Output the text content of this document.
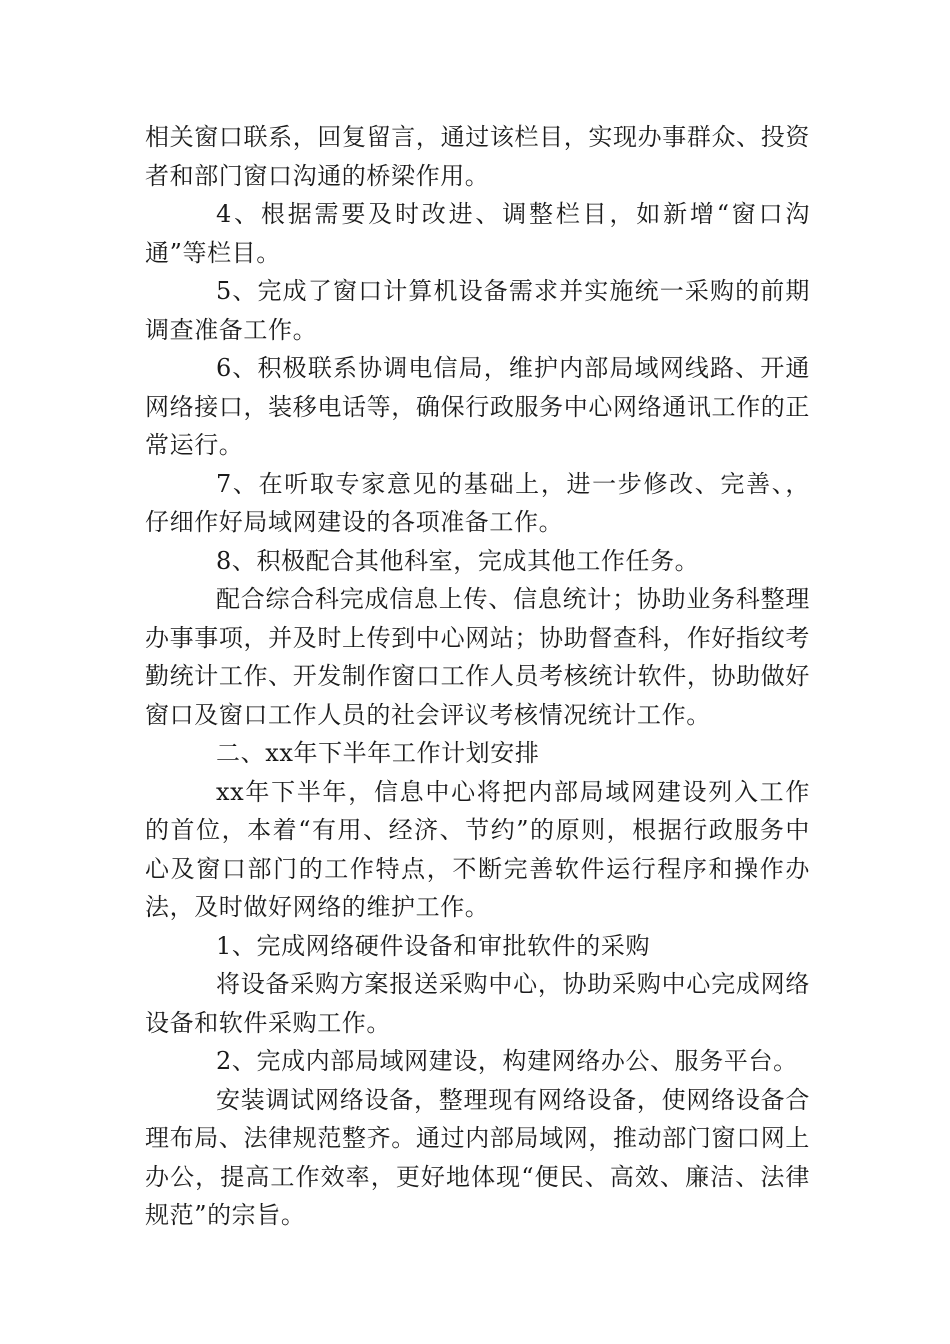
相关窗口联系，回复留言，通过该栏目，实现办事群众、投资者和部门窗口沟通的桥梁作用。

4、根据需要及时改进、调整栏目，如新增“窗口沟通”等栏目。

5、完成了窗口计算机设备需求并实施统一采购的前期调查准备工作。

6、积极联系协调电信局，维护内部局域网线路、开通网络接口，装移电话等，确保行政服务中心网络通讯工作的正常运行。

7、在听取专家意见的基础上，进一步修改、完善、，仔细作好局域网建设的各项准备工作。

8、积极配合其他科室，完成其他工作任务。

配合综合科完成信息上传、信息统计；协助业务科整理办事事项，并及时上传到中心网站；协助督查科，作好指纹考勤统计工作、开发制作窗口工作人员考核统计软件，协助做好窗口及窗口工作人员的社会评议考核情况统计工作。

二、xx年下半年工作计划安排

xx年下半年，信息中心将把内部局域网建设列入工作的首位，本着“有用、经济、节约”的原则，根据行政服务中心及窗口部门的工作特点，不断完善软件运行程序和操作办法，及时做好网络的维护工作。

1、完成网络硬件设备和审批软件的采购

将设备采购方案报送采购中心，协助采购中心完成网络设备和软件采购工作。

2、完成内部局域网建设，构建网络办公、服务平台。

安装调试网络设备，整理现有网络设备，使网络设备合理布局、法律规范整齐。通过内部局域网，推动部门窗口网上办公，提高工作效率，更好地体现“便民、高效、廉洁、法律规范”的宗旨。
